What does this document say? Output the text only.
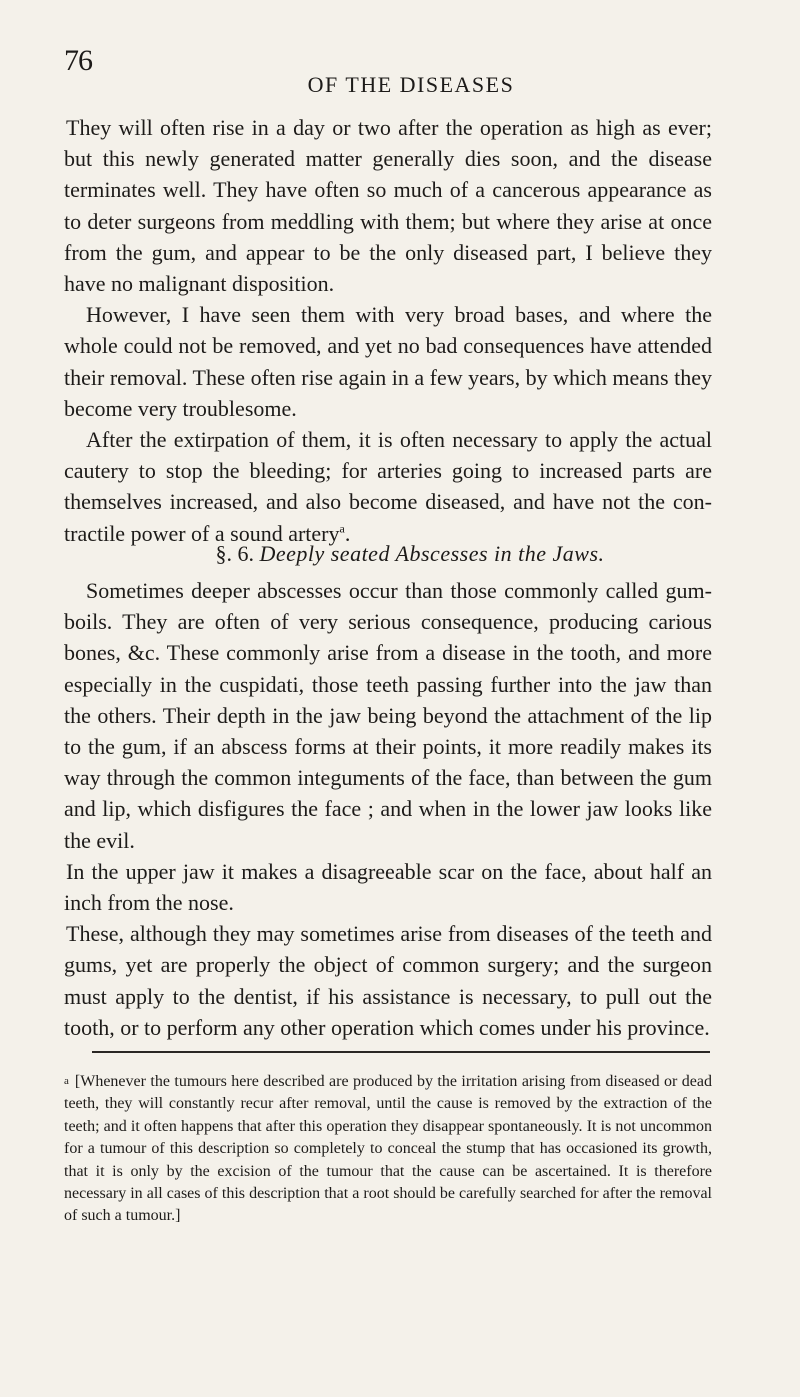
76
OF THE DISEASES

They will often rise in a day or two after the operation as high as ever; but this newly generated matter generally dies soon, and the disease terminates well. They have often so much of a cancerous appearance as to deter surgeons from meddling with them; but where they arise at once from the gum, and appear to be the only diseased part, I believe they have no malignant disposition.

However, I have seen them with very broad bases, and where the whole could not be removed, and yet no bad consequences have attended their removal. These often rise again in a few years, by which means they become very troublesome.

After the extirpation of them, it is often necessary to apply the actual cautery to stop the bleeding; for arteries going to increased parts are themselves increased, and also become diseased, and have not the contractile power of a sound artery$^a$.

§. 6. Deeply seated Abscesses in the Jaws.

Sometimes deeper abscesses occur than those commonly called gum-boils. They are often of very serious consequence, producing carious bones, &c. These commonly arise from a disease in the tooth, and more especially in the cuspidati, those teeth passing further into the jaw than the others. Their depth in the jaw being beyond the attachment of the lip to the gum, if an abscess forms at their points, it more readily makes its way through the common integuments of the face, than between the gum and lip, which disfigures the face ; and when in the lower jaw looks like the evil.

In the upper jaw it makes a disagreeable scar on the face, about half an inch from the nose.

These, although they may sometimes arise from diseases of the teeth and gums, yet are properly the object of common surgery; and the surgeon must apply to the dentist, if his assistance is necessary, to pull out the tooth, or to perform any other operation which comes under his province.

a [Whenever the tumours here described are produced by the irritation arising from diseased or dead teeth, they will constantly recur after removal, until the cause is removed by the extraction of the teeth; and it often happens that after this operation they disappear spontaneously. It is not uncommon for a tumour of this description so completely to conceal the stump that has occasioned its growth, that it is only by the excision of the tumour that the cause can be ascertained. It is therefore necessary in all cases of this description that a root should be carefully searched for after the removal of such a tumour.]
